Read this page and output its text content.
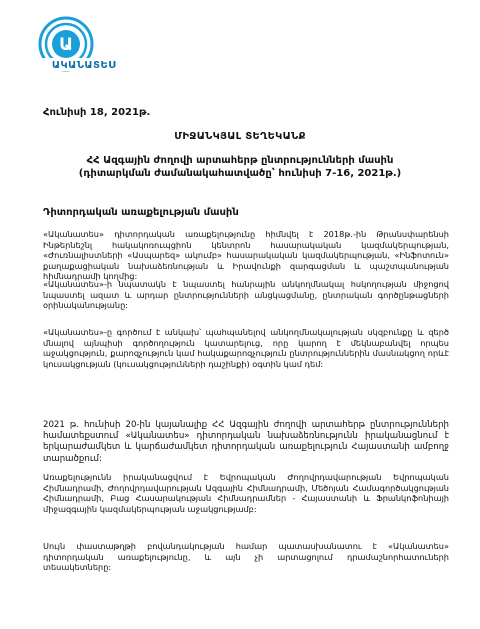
Ա
ԱԿԱՆԱՏԵՍ
Հունիսի 18, 2021թ.
ՄԻՋԱՆԿՅԱԼ ՏԵՂԵԿԱՆՔ
ՀՀ Ազգային ժողովի արտահերթ ընտրությունների մասին
(դիտարկման ժամանակահատվածը՝ հունիսի 7-16, 2021թ.)
Դիտորդական առաքելության մասին

«Ականատես» դիտորդական առաքելությունը հիմնվել է 2018թ.-ին Թրանսփարենսի Ինթերնեշնլ հակակոռուպցիոն կենտրոն հասարակական կազմակերպության, «Ժուռնալիստների «Ասպարեզ» ակումբ» հասարակական կազմակերպության, «Ինֆոտուն» քաղաքացիական նախաձեռնության և Իրավունքի զարգացման և պաշտպանության հիմնադրամի կողմից:

«Ականատես»-ի նպատակն է նպաստել հանրային անկողմնակալ հսկողության միջոցով նպաստել ազատ և արդար ընտրությունների անցկացմանը, ընտրական գործընթացների օրինականությանը:

«Ականատես»-ը գործում է անկախ՝ պահպանելով անկողմնակալության սկզբունքը և զերծ մնալով այնպիսի գործողություն կատարելուց, որը կարող է մեկնաբանվել որպես աջակցություն, քարոզչություն կամ հակաքարոզչություն ընտրություններին մասնակցող որևէ կուսակցության (կուսակցությունների դաշինքի) օգտին կամ դեմ:

2021 թ. հունիսի 20-ին կայանալիք ՀՀ Ազգային ժողովի արտահերթ ընտրությունների համատեքստում «Ականատես» դիտորդական նախաձեռնությունն իրականացնում է երկարաժամկետ և կարճաժամկետ դիտորդական առաքելություն Հայաստանի ամբողջ տարածքում:

Առաքելությունն իրականացվում է Եվրոպական Ժողովրդավարության Եվրոպական Հիմնադրամի, Ժողովրդավարության Ազգային Հիմնադրամի, Մեծոյան Համագործակցության Հիմնադրամի, Բաց Հասարակության Հիմնադրամներ - Հայաստանի և Ֆրանկոֆոնիայի միջազգային կազմակերպության աջակցությամբ:

Սույն փաստաթղթի բովանդակության համար պատասխանատու է «Ականատես» դիտորդական առաքելությունը, և այն չի արտացոլում դրամաշնորհատուների տեսակետները:
